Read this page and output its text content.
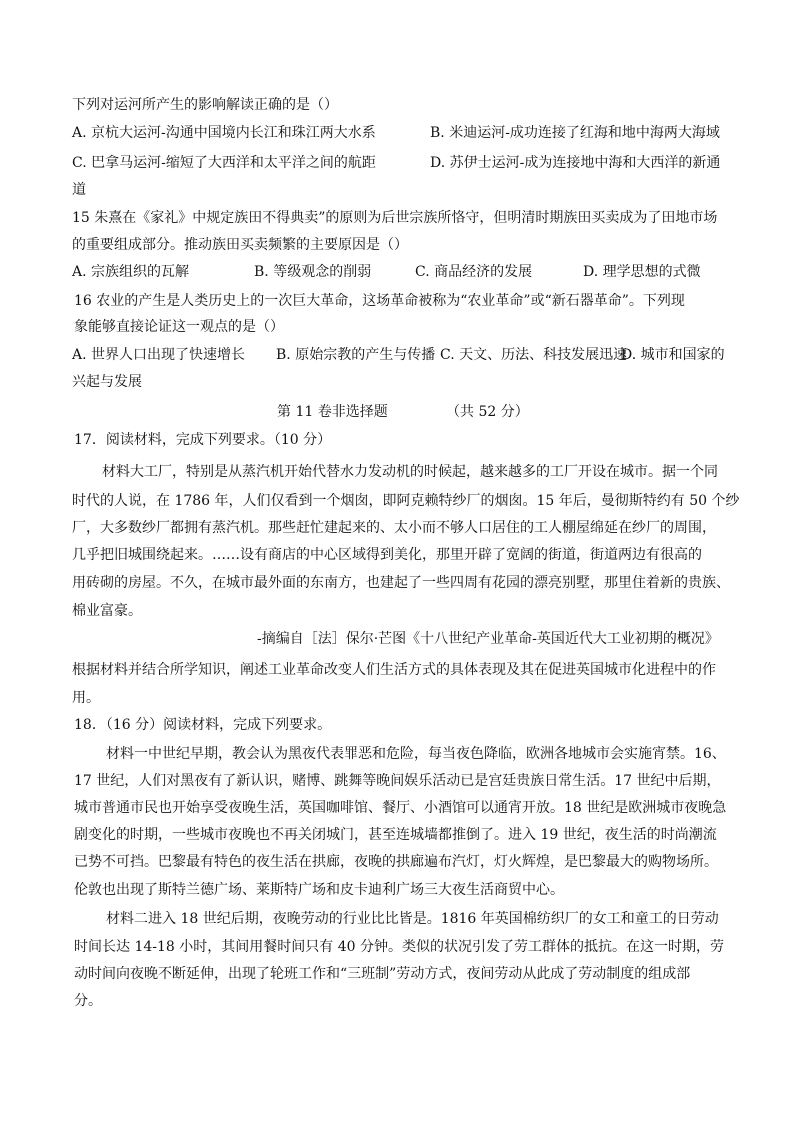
下列对运河所产生的影响解读正确的是（）
A. 京杭大运河-沟通中国境内长江和珠江两大水系	B. 米迪运河-成功连接了红海和地中海两大海域
C. 巴拿马运河-缩短了大西洋和太平洋之间的航距	D. 苏伊士运河-成为连接地中海和大西洋的新通
道
15 朱熹在《家礼》中规定族田不得典卖”的原则为后世宗族所恪守，但明清时期族田买卖成为了田地市场
的重要组成部分。推动族田买卖频繁的主要原因是（）
A. 宗族组织的瓦解	B. 等级观念的削弱	C. 商品经济的发展	D. 理学思想的式微
16 农业的产生是人类历史上的一次巨大革命，这场革命被称为“农业革命”或“新石器革命”。下列现
象能够直接论证这一观点的是（）
A. 世界人口出现了快速增长 B. 原始宗教的产生与传播 C. 天文、历法、科技发展迅速
D. 城市和国家的
兴起与发展
第 11 卷非选择题	（共 52 分）
17．阅读材料，完成下列要求。（10 分）
材料大工厂，特别是从蒸汽机开始代替水力发动机的时候起，越来越多的工厂开设在城市。据一个同
时代的人说，在 1786 年，人们仅看到一个烟囱，即阿克赖特纱厂的烟囱。15 年后，曼彻斯特约有 50 个纱
厂，大多数纱厂都拥有蒸汽机。那些赶忙建起来的、太小而不够人口居住的工人棚屋绵延在纱厂的周围，
几乎把旧城围绕起来。……设有商店的中心区域得到美化，那里开辟了宽阔的街道，街道两边有很高的
用砖砌的房屋。不久，在城市最外面的东南方，也建起了一些四周有花园的漂亮别墅，那里住着新的贵族、
棉业富豪。
-摘编自［法］保尔·芒图《十八世纪产业革命-英国近代大工业初期的概况》
根据材料并结合所学知识，阐述工业革命改变人们生活方式的具体表现及其在促进英国城市化进程中的作
用。
18．（16 分）阅读材料，完成下列要求。
材料一中世纪早期，教会认为黑夜代表罪恶和危险，每当夜色降临，欧洲各地城市会实施宵禁。16、
17 世纪，人们对黑夜有了新认识，赌博、跳舞等晚间娱乐活动已是宫廷贵族日常生活。17 世纪中后期，
城市普通市民也开始享受夜晚生活，英国咖啡馆、餐厅、小酒馆可以通宵开放。18 世纪是欧洲城市夜晚急
剧变化的时期，一些城市夜晚也不再关闭城门，甚至连城墙都推倒了。进入 19 世纪，夜生活的时尚潮流
已势不可挡。巴黎最有特色的夜生活在拱廊，夜晚的拱廊遍布汽灯，灯火辉煌，是巴黎最大的购物场所。
伦敦也出现了斯特兰德广场、莱斯特广场和皮卡迪利广场三大夜生活商贸中心。
材料二进入 18 世纪后期，夜晚劳动的行业比比皆是。1816 年英国棉纺织厂的女工和童工的日劳动
时间长达 14-18 小时，其间用餐时间只有 40 分钟。类似的状况引发了劳工群体的抵抗。在这一时期，劳
动时间向夜晚不断延伸，出现了轮班工作和“三班制”劳动方式，夜间劳动从此成了劳动制度的组成部
分。
